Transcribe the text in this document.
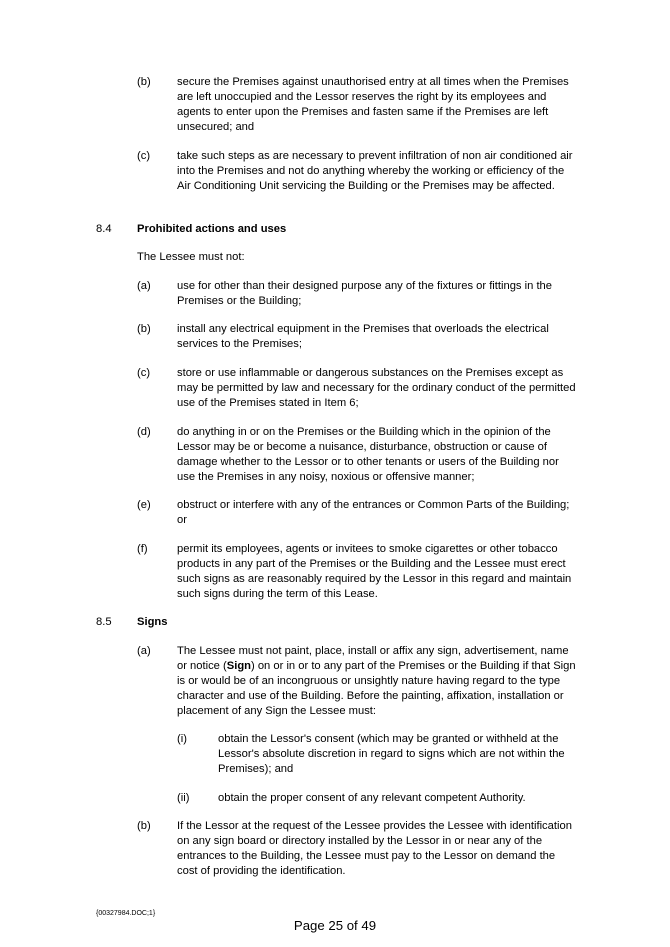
(b) secure the Premises against unauthorised entry at all times when the Premises are left unoccupied and the Lessor reserves the right by its employees and agents to enter upon the Premises and fasten same if the Premises are left unsecured; and
(c) take such steps as are necessary to prevent infiltration of non air conditioned air into the Premises and not do anything whereby the working or efficiency of the Air Conditioning Unit servicing the Building or the Premises may be affected.
8.4 Prohibited actions and uses
The Lessee must not:
(a) use for other than their designed purpose any of the fixtures or fittings in the Premises or the Building;
(b) install any electrical equipment in the Premises that overloads the electrical services to the Premises;
(c) store or use inflammable or dangerous substances on the Premises except as may be permitted by law and necessary for the ordinary conduct of the permitted use of the Premises stated in Item 6;
(d) do anything in or on the Premises or the Building which in the opinion of the Lessor may be or become a nuisance, disturbance, obstruction or cause of damage whether to the Lessor or to other tenants or users of the Building nor use the Premises in any noisy, noxious or offensive manner;
(e) obstruct or interfere with any of the entrances or Common Parts of the Building; or
(f)	permit its employees, agents or invitees to smoke cigarettes or other tobacco products in any part of the Premises or the Building and the Lessee must erect such signs as are reasonably required by the Lessor in this regard and maintain such signs during the term of this Lease.
8.5 Signs
(a) The Lessee must not paint, place, install or affix any sign, advertisement, name or notice (Sign) on or in or to any part of the Premises or the Building if that Sign is or would be of an incongruous or unsightly nature having regard to the type character and use of the Building. Before the painting, affixation, installation or placement of any Sign the Lessee must:
(i)	obtain the Lessor's consent (which may be granted or withheld at the Lessor's absolute discretion in regard to signs which are not within the Premises); and
(ii)	obtain the proper consent of any relevant competent Authority.
(b) If the Lessor at the request of the Lessee provides the Lessee with identification on any sign board or directory installed by the Lessor in or near any of the entrances to the Building, the Lessee must pay to the Lessor on demand the cost of providing the identification.
{00327984.DOC;1}
Page 25 of 49
